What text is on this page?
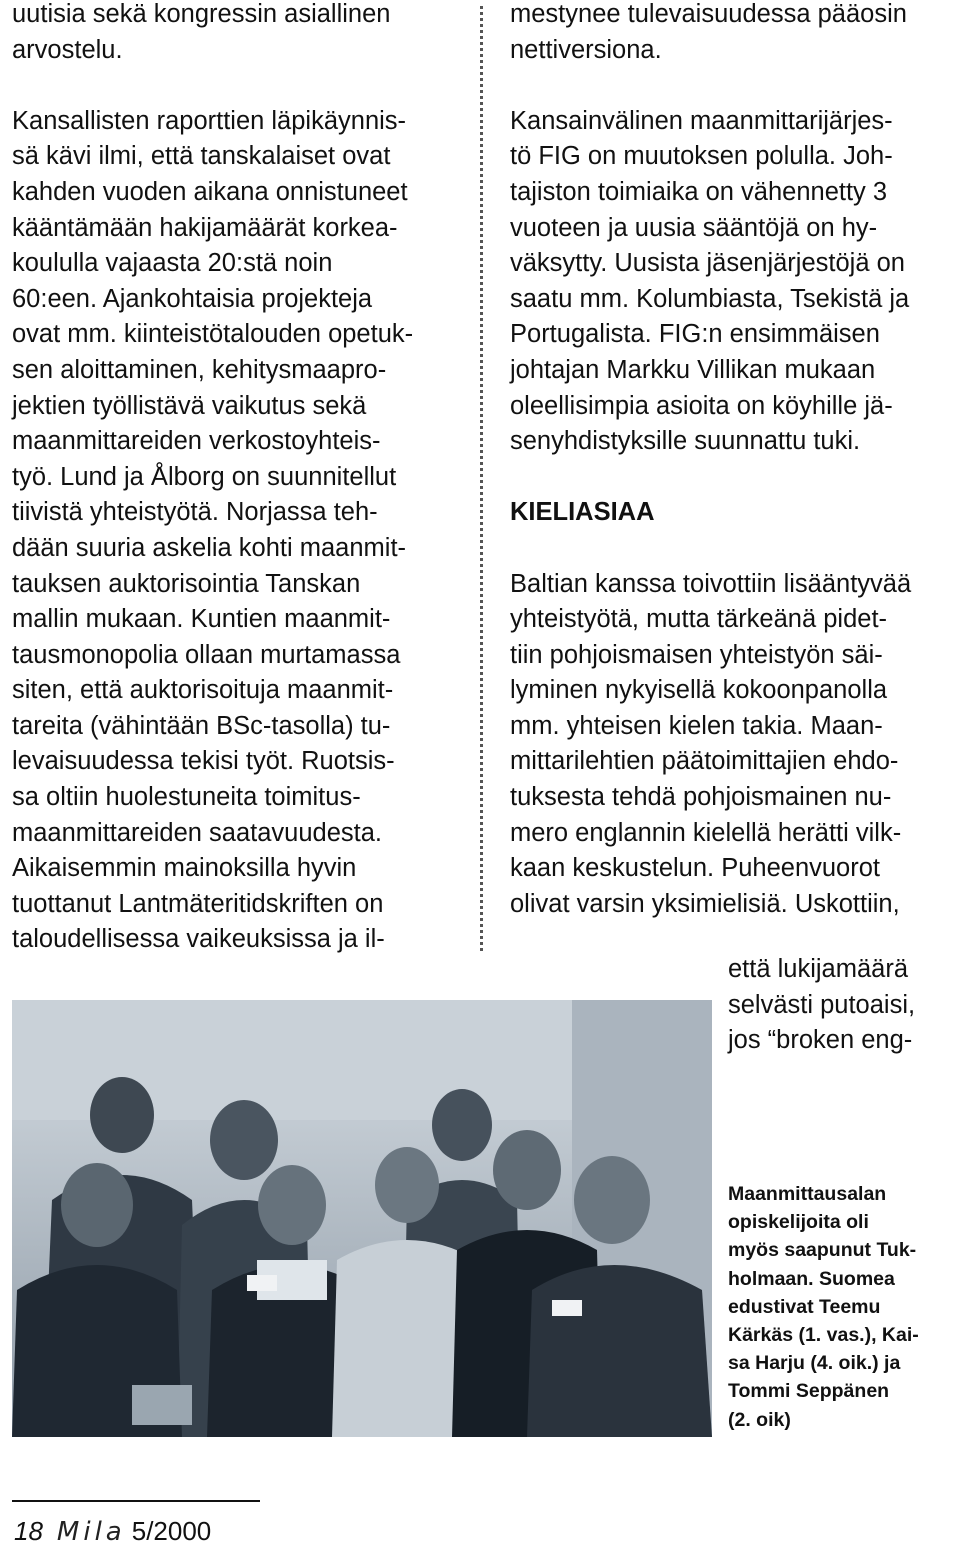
uutisia sekä kongressin asiallinen

arvostelu.

Kansallisten raporttien läpikäynnis-

sä kävi ilmi, että tanskalaiset ovat

kahden vuoden aikana onnistuneet

kääntämään hakijamäärät korkea-

koululla vajaasta 20:stä noin

60:een. Ajankohtaisia projekteja

ovat mm. kiinteistötalouden opetuk-

sen aloittaminen, kehitysmaapro-

jektien työllistävä vaikutus sekä

maanmittareiden verkostoyhteis-

työ. Lund ja Ålborg on suunnitellut

tiivistä yhteistyötä. Norjassa teh-

dään suuria askelia kohti maanmit-

tauksen auktorisointia Tanskan

mallin mukaan. Kuntien maanmit-

tausmonopolia ollaan murtamassa

siten, että auktorisoituja maanmit-

tareita (vähintään BSc-tasolla) tu-

levaisuudessa tekisi työt. Ruotsis-

sa oltiin huolestuneita toimitus-

maanmittareiden saatavuudesta.

Aikaisemmin mainoksilla hyvin

tuottanut Lantmäteritidskriften on

taloudellisessa vaikeuksissa ja il-

mestynee tulevaisuudessa pääosin

nettiversiona.

Kansainvälinen maanmittarijärjes-

tö FIG on muutoksen polulla. Joh-

tajiston toimiaika on vähennetty 3

vuoteen ja uusia sääntöjä on hy-

väksytty. Uusista jäsenjärjestöjä on

saatu mm. Kolumbiasta, Tsekistä ja

Portugalista. FIG:n ensimmäisen

johtajan Markku Villikan mukaan

oleellisimpia asioita on köyhille jä-

senyhdistyksille suunnattu tuki.

KIELIASIAA

Baltian kanssa toivottiin lisääntyvää

yhteistyötä, mutta tärkeänä pidet-

tiin pohjoismaisen yhteistyön säi-

lyminen nykyisellä kokoonpanolla

mm. yhteisen kielen takia. Maan-

mittarilehtien päätoimittajien ehdo-

tuksesta tehdä pohjoismainen nu-

mero englannin kielellä herätti vilk-

kaan keskustelun. Puheenvuorot

olivat varsin yksimielisiä. Uskottiin,

että lukijamäärä

selvästi putoaisi,

jos “broken eng-

Maanmittausalan

opiskelijoita oli

myös saapunut Tuk-

holmaan. Suomea

edustivat Teemu

Kärkäs (1. vas.), Kai-

sa Harju (4. oik.) ja

Tommi Seppänen

(2. oik)

18 Mila 5/2000
